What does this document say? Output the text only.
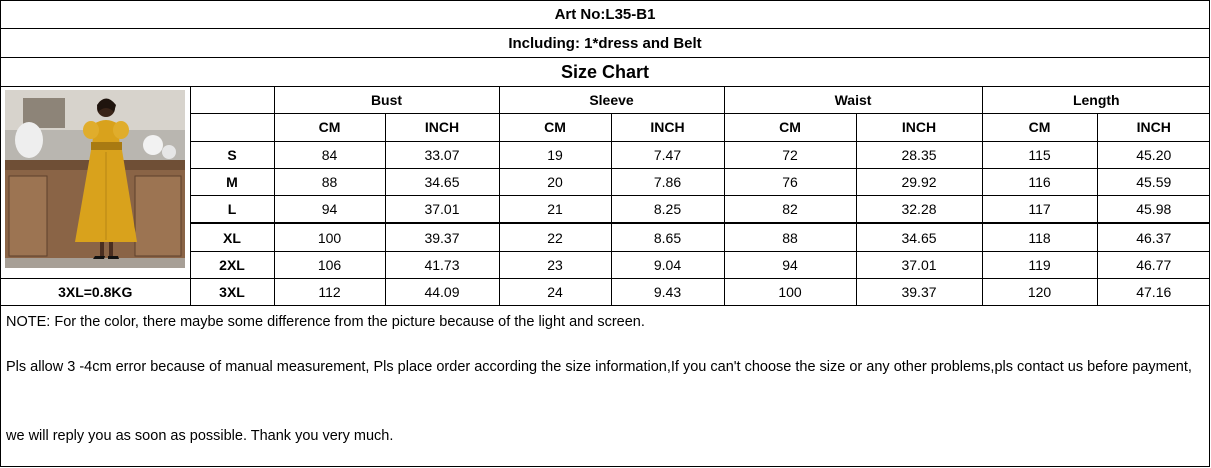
Art No:L35-B1
Including: 1*dress and Belt
Size Chart
		Bust		Sleeve		Waist		Length	
		CM	INCH	CM	INCH	CM	INCH	CM	INCH
	S	84	33.07	19	7.47	72	28.35	115	45.20
	M	88	34.65	20	7.86	76	29.92	116	45.59
	L	94	37.01	21	8.25	82	32.28	117	45.98
	XL	100	39.37	22	8.65	88	34.65	118	46.37
	2XL	106	41.73	23	9.04	94	37.01	119	46.77
3XL=0.8KG	3XL	112	44.09	24	9.43	100	39.37	120	47.16

NOTE: For the color, there maybe some difference from the picture because of the light and screen.

Pls allow 3 -4cm error because of manual measurement, Pls place order according the size information,If you can't choose the size or any other problems,pls contact us before payment,

we will reply you as soon as possible. Thank you very much.
